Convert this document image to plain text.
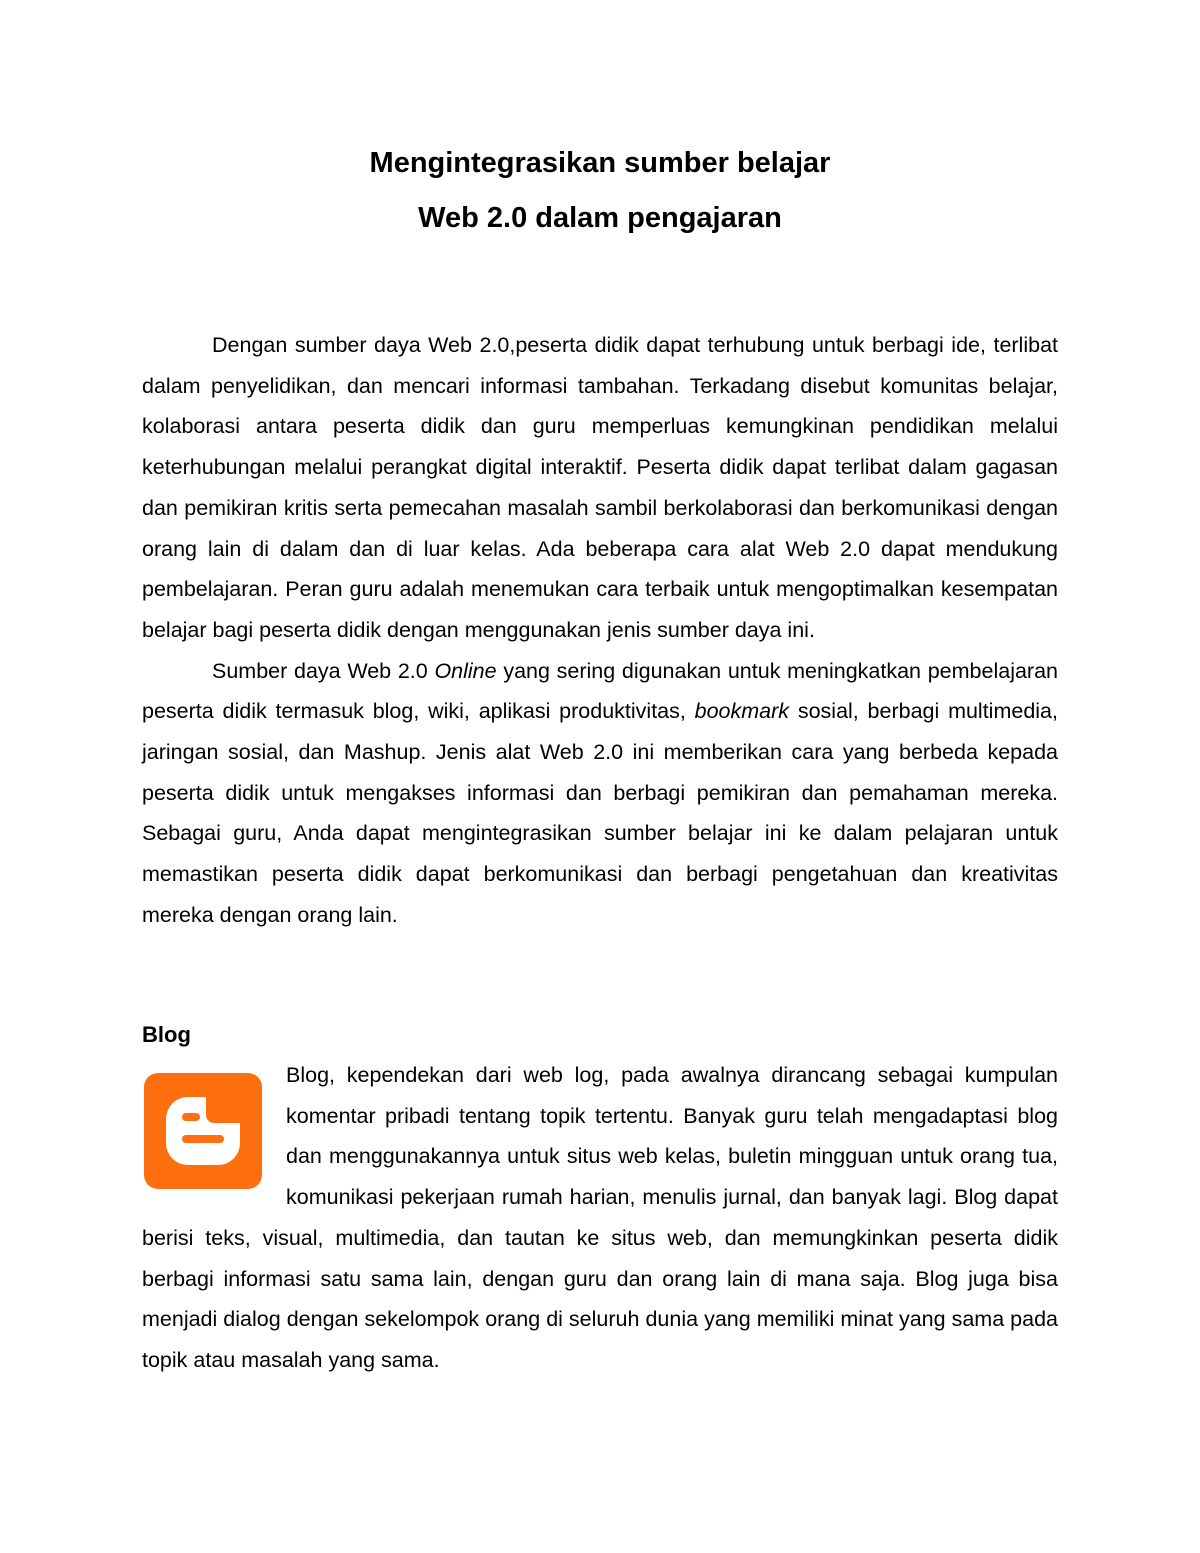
Mengintegrasikan sumber belajar

Web 2.0 dalam pengajaran

Dengan sumber daya Web 2.0,peserta didik dapat terhubung untuk berbagi ide, terlibat dalam penyelidikan, dan mencari informasi tambahan. Terkadang disebut komunitas belajar, kolaborasi antara peserta didik dan guru memperluas kemungkinan pendidikan melalui keterhubungan melalui perangkat digital interaktif. Peserta didik dapat terlibat dalam gagasan dan pemikiran kritis serta pemecahan masalah sambil berkolaborasi dan berkomunikasi dengan orang lain di dalam dan di luar kelas. Ada beberapa cara alat Web 2.0 dapat mendukung pembelajaran. Peran guru adalah menemukan cara terbaik untuk mengoptimalkan kesempatan belajar bagi peserta didik dengan menggunakan jenis sumber daya ini.

Sumber daya Web 2.0 Online yang sering digunakan untuk meningkatkan pembelajaran peserta didik termasuk blog, wiki, aplikasi produktivitas, bookmark sosial, berbagi multimedia, jaringan sosial, dan Mashup. Jenis alat Web 2.0 ini memberikan cara yang berbeda kepada peserta didik untuk mengakses informasi dan berbagi pemikiran dan pemahaman mereka. Sebagai guru, Anda dapat mengintegrasikan sumber belajar ini ke dalam pelajaran untuk memastikan peserta didik dapat berkomunikasi dan berbagi pengetahuan dan kreativitas mereka dengan orang lain.

Blog

Blog, kependekan dari web log, pada awalnya dirancang sebagai kumpulan komentar pribadi tentang topik tertentu. Banyak guru telah mengadaptasi blog dan menggunakannya untuk situs web kelas, buletin mingguan untuk orang tua, komunikasi pekerjaan rumah harian, menulis jurnal, dan banyak lagi. Blog dapat berisi teks, visual, multimedia, dan tautan ke situs web, dan memungkinkan peserta didik berbagi informasi satu sama lain, dengan guru dan orang lain di mana saja. Blog juga bisa menjadi dialog dengan sekelompok orang di seluruh dunia yang memiliki minat yang sama pada topik atau masalah yang sama.
